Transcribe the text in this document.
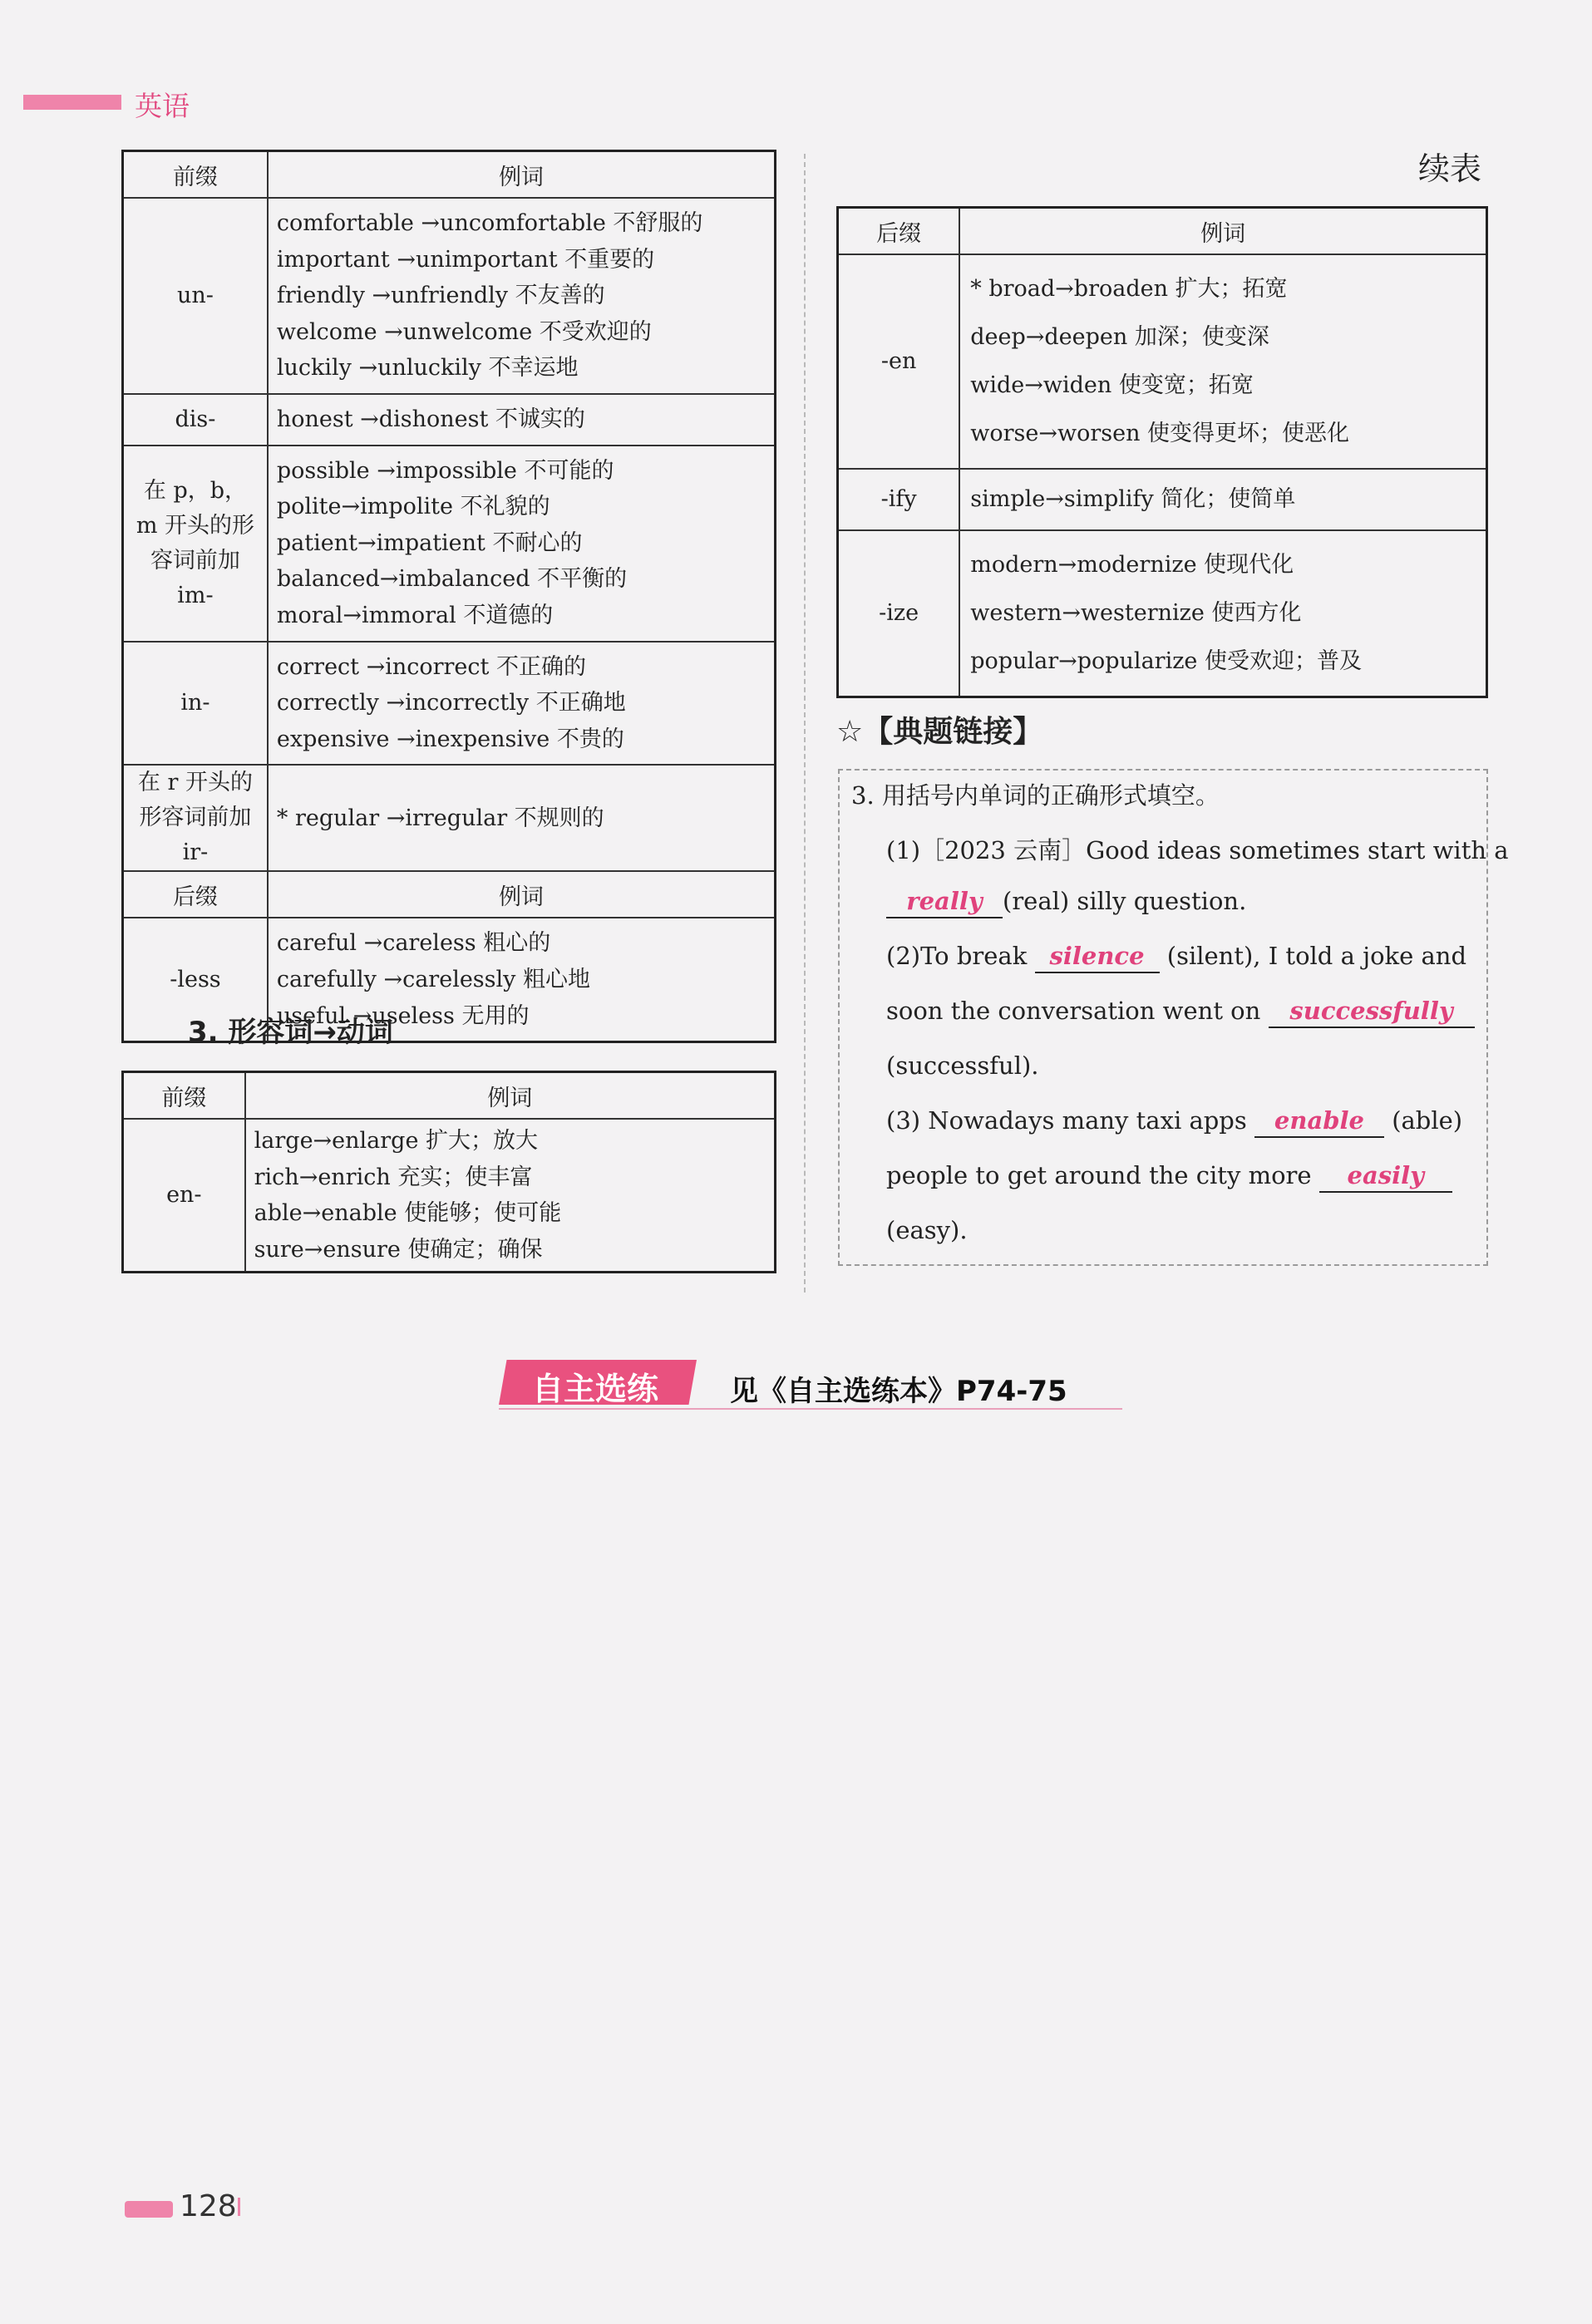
英语
续表
前缀	例词
un-	comfortable →uncomfortable 不舒服的
important →unimportant 不重要的
friendly →unfriendly 不友善的
welcome →unwelcome 不受欢迎的
luckily →unluckily 不幸运地

dis-	honest →dishonest 不诚实的

在 p，b，m 开头的形容词前加 im-	possible →impossible 不可能的
polite→impolite 不礼貌的
patient→impatient 不耐心的
balanced→imbalanced 不平衡的
moral→immoral 不道德的

in-	correct →incorrect 不正确的
correctly →incorrectly 不正确地
expensive →inexpensive 不贵的

在 r 开头的形容词前加 ir-	* regular →irregular 不规则的

后缀	例词
-less	careful →careless 粗心的
carefully →carelessly 粗心地
useful →useless 无用的
3. 形容词→动词
前缀	例词
en-	large→enlarge 扩大；放大
rich→enrich 充实；使丰富
able→enable 使能够；使可能
sure→ensure 使确定；确保
后缀	例词
-en	* broad→broaden 扩大；拓宽
deep→deepen 加深；使变深
wide→widen 使变宽；拓宽
worse→worsen 使变得更坏；使恶化

-ify	simple→simplify 简化；使简单

-ize	modern→modernize 使现代化
western→westernize 使西方化
popular→popularize 使受欢迎；普及
☆【典题链接】
3. 用括号内单词的正确形式填空。
(1)［2023 云南］Good ideas sometimes start with a
really (real) silly question.
(2)To break silence (silent), I told a joke and
soon the conversation went on successfully
(successful).
(3) Nowadays many taxi apps enable (able)
people to get around the city more easily
(easy).
自主选练	见《自主选练本》P74-75
128
